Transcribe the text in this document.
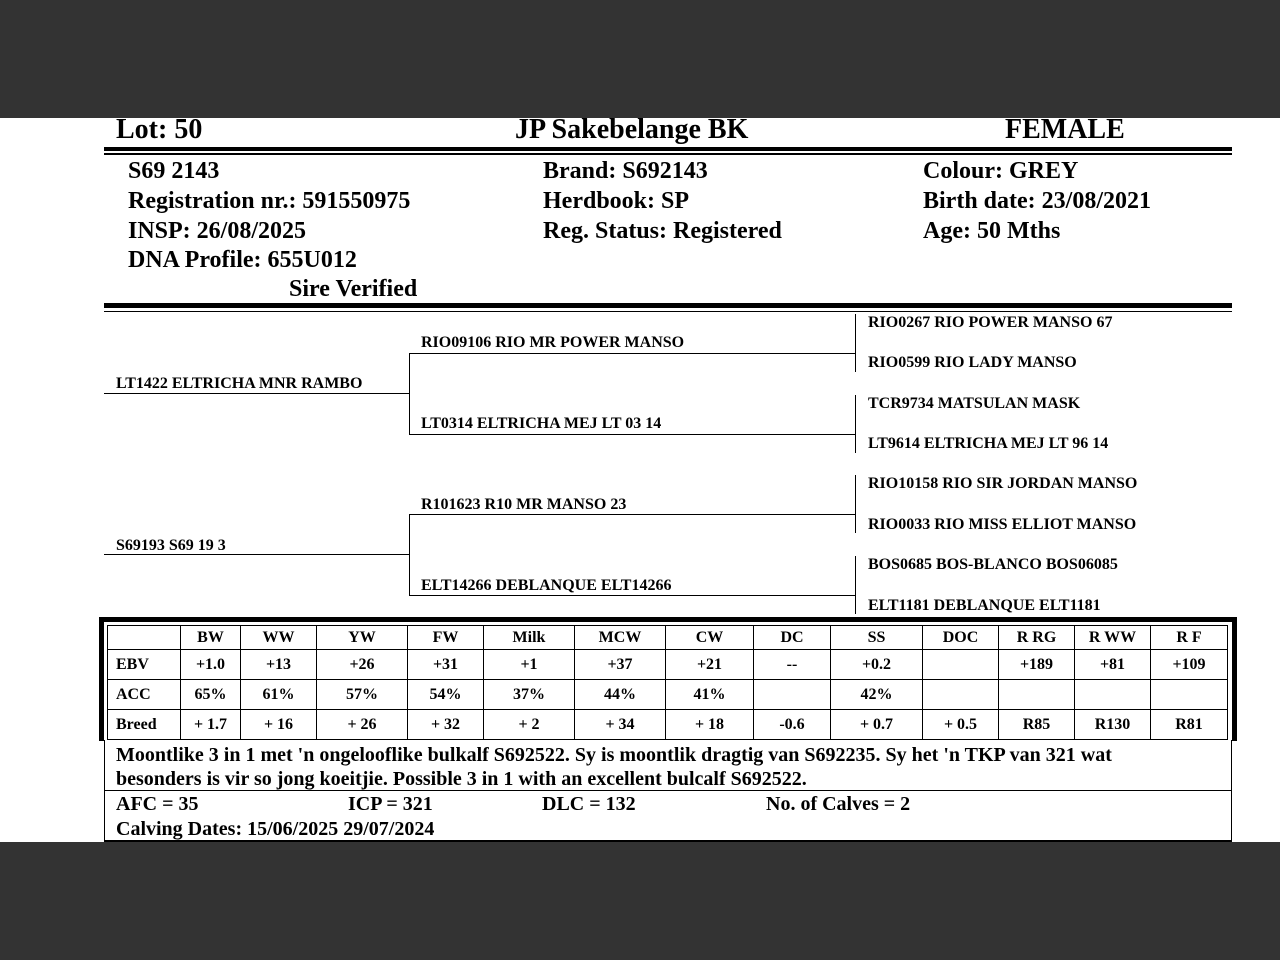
Lot: 50	JP Sakebelange BK	FEMALE
S69 2143
Registration nr.: 591550975
INSP: 26/08/2025
DNA Profile: 655U012
Sire Verified
Brand: S692143
Herdbook: SP
Reg. Status: Registered
Colour: GREY
Birth date: 23/08/2021
Age: 50 Mths
LT1422 ELTRICHA MNR RAMBO
S69193 S69 19 3
RIO09106 RIO MR POWER MANSO
LT0314 ELTRICHA MEJ LT 03 14
R101623 R10 MR MANSO 23
ELT14266 DEBLANQUE ELT14266
RIO0267 RIO POWER MANSO 67
RIO0599 RIO LADY MANSO
TCR9734 MATSULAN MASK
LT9614 ELTRICHA MEJ LT 96 14
RIO10158 RIO SIR JORDAN MANSO
RIO0033 RIO MISS ELLIOT MANSO
BOS0685 BOS-BLANCO BOS06085
ELT1181 DEBLANQUE ELT1181
	BW	WW	YW	FW	Milk	MCW	CW	DC	SS	DOC	R RG	R WW	R F
EBV	+1.0	+13	+26	+31	+1	+37	+21	--	+0.2		+189	+81	+109
ACC	65%	61%	57%	54%	37%	44%	41%		42%				
Breed	+ 1.7	+ 16	+ 26	+ 32	+ 2	+ 34	+ 18	-0.6	+ 0.7	+ 0.5	R85	R130	R81
Moontlike 3 in 1 met 'n ongelooflike bulkalf S692522. Sy is moontlik dragtig van S692235. Sy het 'n TKP van 321 wat
besonders is vir so jong koeitjie. Possible 3 in 1 with an excellent bulcalf S692522.
AFC = 35	ICP = 321	DLC = 132	No. of Calves = 2
Calving Dates: 15/06/2025 29/07/2024
